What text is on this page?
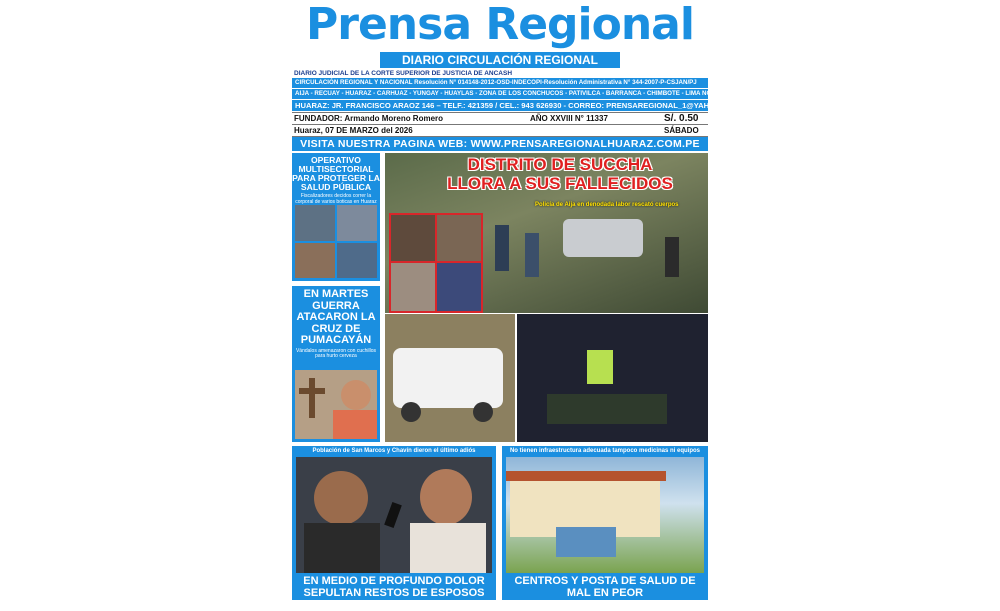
Prensa Regional
DIARIO CIRCULACIÓN REGIONAL
DIARIO JUDICIAL DE LA CORTE SUPERIOR DE JUSTICIA DE ANCASH
CIRCULACIÓN REGIONAL Y NACIONAL Resolución N° 014148-2012-OSD-INDECOPI-Resolución Administrativa N° 344-2007-P-CSJAN/PJ
AIJA - RECUAY - HUARAZ - CARHUAZ - YUNGAY - HUAYLAS - ZONA DE LOS CONCHUCOS - PATIVILCA - BARRANCA - CHIMBOTE - LIMA NORTE
HUARAZ: JR. FRANCISCO ARAOZ 146 – TELF.: 421359 / CEL.: 943 626930 - CORREO: PRENSAREGIONAL_1@YAHOO.ES
FUNDADOR: Armando Moreno Romero	AÑO XXVIII N° 11337	S/. 0.50
Huaraz, 07 DE MARZO del 2026	SÁBADO
VISITA NUESTRA PAGINA WEB: WWW.PRENSAREGIONALHUARAZ.COM.PE
OPERATIVO MULTISECTORIAL PARA PROTEGER LA SALUD PÚBLICA
Fiscalizadores decidos correr la corporal de varios boticas en Huaraz
EN MARTES GUERRA ATACARON LA CRUZ DE PUMACAYÁN
Vándalos amenazaron con cuchillos para hurto cerveza
DISTRITO DE SUCCHA LLORA A SUS FALLECIDOS
Policía de Aija en denodada labor rescató cuerpos
Población de San Marcos y Chavín dieron el último adiós
EN MEDIO DE PROFUNDO DOLOR SEPULTAN RESTOS DE ESPOSOS ELECTROCUTADOS
No tienen infraestructura adecuada tampoco medicinas ni equipos
CENTROS Y POSTA DE SALUD DE MAL EN PEOR
